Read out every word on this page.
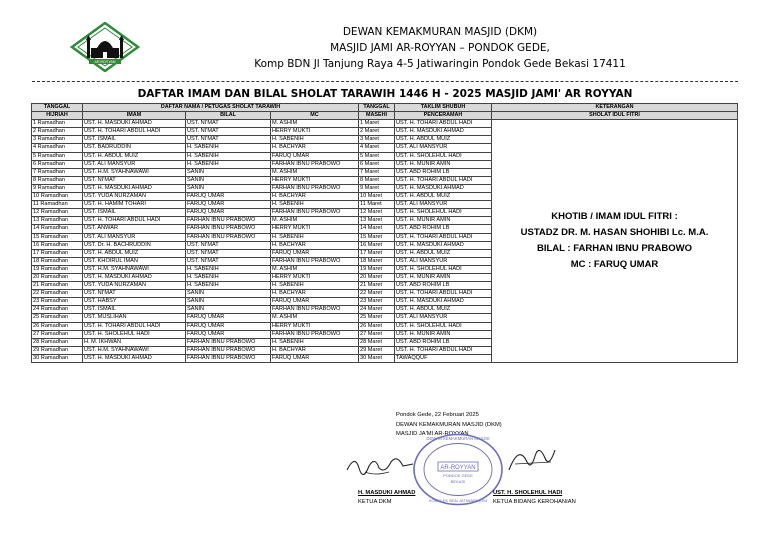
AR ROYYAN
DEWAN KEMAKMURAN MASJID (DKM)
MASJID JAMI AR-ROYYAN – PONDOK GEDE,
Komp BDN Jl Tanjung Raya 4-5 Jatiwaringin Pondok Gede Bekasi 17411
DAFTAR IMAM DAN BILAL SHOLAT TARAWIH 1446 H - 2025 MASJID JAMI' AR ROYYAN
TANGGAL	DAFTAR NAMA / PETUGAS SHOLAT TARAWIH			TANGGAL	TAKLIM SHUBUH	KETERANGAN
HIJRIAH	IMAM	BILAL	MC	MASEHI	PENCERAMAH	SHOLAT IDUL FITRI
1 Ramadhan	UST. H. MASDUKI AHMAD	UST. NI'MAT	M. ASHIM	1 Maret	UST. H. TOHARI ABDUL HADI	KHOTIB / IMAM IDUL FITRI :
USTADZ DR. M. HASAN SHOHIBI Lc. M.A.
BILAL : FARHAN IBNU PRABOWO
MC : FARUQ UMAR

2 Ramadhan	UST. H. TOHARI ABDUL HADI	UST. NI'MAT	HERRY MUKTI	2 Maret	UST. H. MASDUKI AHMAD	
3 Ramadhan	UST. ISMAIL	UST. NI'MAT	H. SABENIH	3 Maret	UST. H. ABDUL MUIZ	
4 Ramadhan	UST. BADRUDDIN	H. SABENIH	H. BACHYAR	4 Maret	UST. ALI MANSYUR	
5 Ramadhan	UST. H. ABDUL MUIZ	H. SABENIH	FARUQ UMAR	5 Maret	UST. H. SHOLEHUL HADI	
6 Ramadhan	UST. ALI MANSYUR	H. SABENIH	FARHAN IBNU PRABOWO	6 Maret	UST. H. MUNIR AMIN	
7 Ramadhan	UST. H.M. SYAHNAWAWI	SANIN	M. ASHIM	7 Maret	UST. ABD ROHIM LB	
8 Ramadhan	UST. NI'MAT	SANIN	HERRY MUKTI	8 Maret	UST. H. TOHARI ABDUL HADI	
9 Ramadhan	UST. H. MASDUKI AHMAD	SANIN	FARHAN IBNU PRABOWO	9 Maret	UST. H. MASDUKI AHMAD	
10 Ramadhan	UST. YUDA NURZAMAN	FARUQ UMAR	H. BACHYAR	10 Maret	UST. H. ABDUL MUIZ	
11 Ramadhan	UST. H. HAMIM TOHARI	FARUQ UMAR	H. SABENIH	11 Maret	UST. ALI MANSYUR	
12 Ramadhan	UST. ISMAIL	FARUQ UMAR	FARHAN IBNU PRABOWO	12 Maret	UST. H. SHOLEHUL HADI	
13 Ramadhan	UST. H. TOHARI ABDUL HADI	FARHAN IBNU PRABOWO	M. ASHIM	13 Maret	UST. H. MUNIR AMIN	
14 Ramadhan	UST. ANWAR	FARHAN IBNU PRABOWO	HERRY MUKTI	14 Maret	UST. ABD ROHIM LB	
15 Ramadhan	UST. ALI MANSYUR	FARHAN IBNU PRABOWO	H. SABENIH	15 Maret	UST. H. TOHARI ABDUL HADI	
16 Ramadhan	UST. Dr. H. BACHRUDDIN	UST. NI'MAT	H. BACHYAR	16 Maret	UST. H. MASDUKI AHMAD	
17 Ramadhan	UST. H. ABDUL MUIZ	UST. NI'MAT	FARUQ UMAR	17 Maret	UST. H. ABDUL MUIZ	
18 Ramadhan	UST. KHOIRUL IMAN	UST. NI'MAT	FARHAN IBNU PRABOWO	18 Maret	UST. ALI MANSYUR	
19 Ramadhan	UST. H.M. SYAHNAWAWI	H. SABENIH	M. ASHIM	19 Maret	UST. H. SHOLEHUL HADI	
20 Ramadhan	UST. H. MASDUKI AHMAD	H. SABENIH	HERRY MUKTI	20 Maret	UST. H. MUNIR AMIN	
21 Ramadhan	UST. YUDA NURZAMAN	H. SABENIH	H. SABENIH	21 Maret	UST. ABD ROHIM LB	
22 Ramadhan	UST. NI'MAT	SANIN	H. BACHYAR	22 Maret	UST. H. TOHARI ABDUL HADI	
23 Ramadhan	UST. HABSY	SANIN	FARUQ UMAR	23 Maret	UST. H. MASDUKI AHMAD	
24 Ramadhan	UST. ISMAIL	SANIN	FARHAN IBNU PRABOWO	24 Maret	UST. H. ABDUL MUIZ	
25 Ramadhan	UST. MUSLIHAN	FARUQ UMAR	M. ASHIM	25 Maret	UST. ALI MANSYUR	
26 Ramadhan	UST. H. TOHARI ABDUL HADI	FARUQ UMAR	HERRY MUKTI	26 Maret	UST. H. SHOLEHUL HADI	
27 Ramadhan	UST. H. SHOLEHUL HADI	FARUQ UMAR	FARHAN IBNU PRABOWO	27 Maret	UST. H. MUNIR AMIN	
28 Ramadhan	H. M. IKHWAN	FARHAN IBNU PRABOWO	H. SABENIH	28 Maret	UST. ABD ROHIM LB	
29 Ramadhan	UST. H.M. SYAHNAWAWI	FARHAN IBNU PRABOWO	H. BACHYAR	29 Maret	UST. H. TOHARI ABDUL HADI	
30 Ramadhan	UST. H. MASDUKI AHMAD	FARHAN IBNU PRABOWO	FARUQ UMAR	30 Maret	TAWAQQUF	
Pondok Gede, 22 Februari 2025
DEWAN KEMAKMURAN MASJID (DKM)
MASJID JA'MI AR-ROYYAN
DEWAN KEMAKMURAN MASJID
AR-ROYYAN
PONDOK GEDE
BEKASI
KOMPLEK BDN JATIWARINGIN
H. MASDUKI AHMAD
KETUA DKM
UST. H. SHOLEHUL HADI
KETUA BIDANG KEROHANIAN
